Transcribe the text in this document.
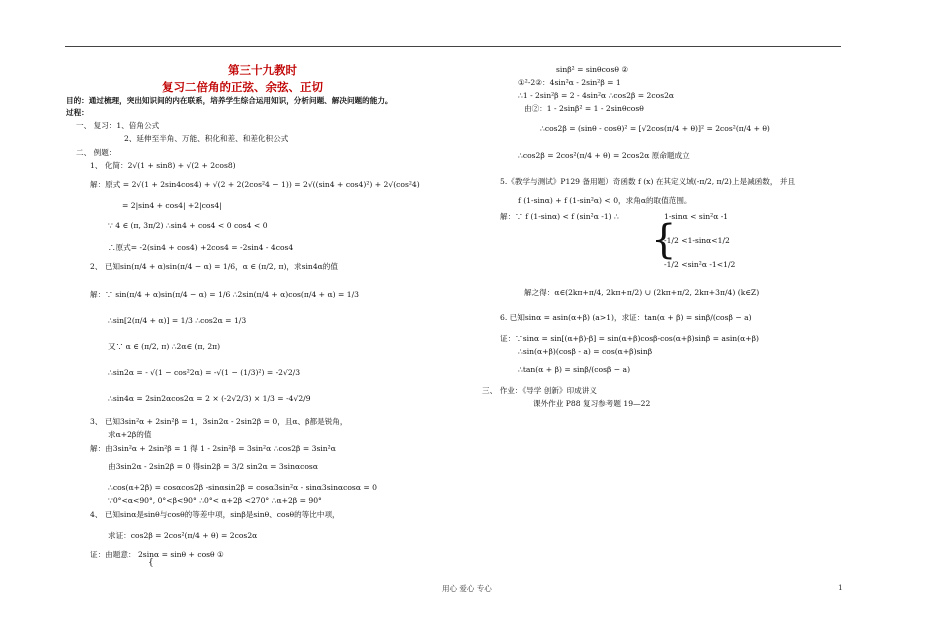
第三十九教时
复习二倍角的正弦、余弦、正切
目的：通过梳理，突出知识间的内在联系，培养学生综合运用知识，分析问题、解决问题的能力。
过程：
一、 复习：1、倍角公式
2、延伸至半角、万能、积化和差、和差化积公式
二、 例题：
1、 化简：2√(1 + sin8) + √(2 + 2cos8)
解：原式 = 2√(1 + 2sin4cos4) + √(2 + 2(2cos²4 − 1)) = 2√((sin4 + cos4)²) + 2√(cos²4)
= 2|sin4 + cos4| +2|cos4|
∵ 4 ∈ (π, 3π/2) ∴sin4 + cos4 < 0 cos4 < 0
∴原式= -2(sin4 + cos4) +2cos4 = -2sin4 - 4cos4
2、 已知sin(π/4 + α)sin(π/4 − α) = 1/6，α ∈ (π/2, π)，求sin4α的值
解：∵ sin(π/4 + α)sin(π/4 − α) = 1/6 ∴2sin(π/4 + α)cos(π/4 + α) = 1/3
∴sin[2(π/4 + α)] = 1/3 ∴cos2α = 1/3
又∵ α ∈ (π/2, π) ∴2α∈ (π, 2π)
∴sin2α = - √(1 − cos²2α) = -√(1 − (1/3)²) = -2√2/3
∴sin4α = 2sin2αcos2α = 2 × (-2√2/3) × 1/3 = -4√2/9
3、 已知3sin²α + 2sin²β = 1，3sin2α - 2sin2β = 0，且α、β都是锐角，
求α+2β的值
解：由3sin²α + 2sin²β = 1 得 1 - 2sin²β = 3sin²α ∴cos2β = 3sin²α
由3sin2α - 2sin2β = 0 得sin2β = 3/2 sin2α = 3sinαcosα
∴cos(α+2β) = cosαcos2β -sinαsin2β = cosα3sin²α - sinα3sinαcosα = 0
∵0°<α<90°, 0°<β<90° ∴0°< α+2β <270° ∴α+2β = 90°
4、 已知sinα是sinθ与cosθ的等差中项，sinβ是sinθ、cosθ的等比中项，
求证：cos2β = 2cos²(π/4 + θ) = 2cos2α
证：由题意： 2sinα = sinθ + cosθ ①
{
sinβ² = sinθcosθ ②
①²-2②：4sin²α - 2sin²β = 1
∴1 - 2sin²β = 2 - 4sin²α ∴cos2β = 2cos2α
由②：1 - 2sinβ² = 1 - 2sinθcosθ
∴cos2β = (sinθ - cosθ)² = [√2cos(π/4 + θ)]² = 2cos²(π/4 + θ)
∴cos2β = 2cos²(π/4 + θ) = 2cos2α 原命题成立
5.《教学与测试》P129 备用题）奇函数 f (x) 在其定义域(-π/2, π/2)上是减函数， 并且
f (1-sinα) + f (1-sin²α) < 0，求角α的取值范围。
解：∵ f (1-sinα) < f (sin²α -1) ∴
{
1-sinα < sin²α -1
-1/2 <1-sinα<1/2
-1/2 <sin²α -1<1/2
解之得：α∈(2kπ+π/4, 2kπ+π/2) ∪ (2kπ+π/2, 2kπ+3π/4) (k∈Z)
6. 已知sinα = asin(α+β) (a>1)，求证：tan(α + β) = sinβ/(cosβ − a)
证：∵sinα = sin[(α+β)-β] = sin(α+β)cosβ-cos(α+β)sinβ = asin(α+β)
∴sin(α+β)(cosβ - a) = cos(α+β)sinβ
∴tan(α + β) = sinβ/(cosβ − a)
三、 作业：《导学 创新》印成讲义
课外作业 P88 复习参考题 19—22
用心 爱心 专心	1
